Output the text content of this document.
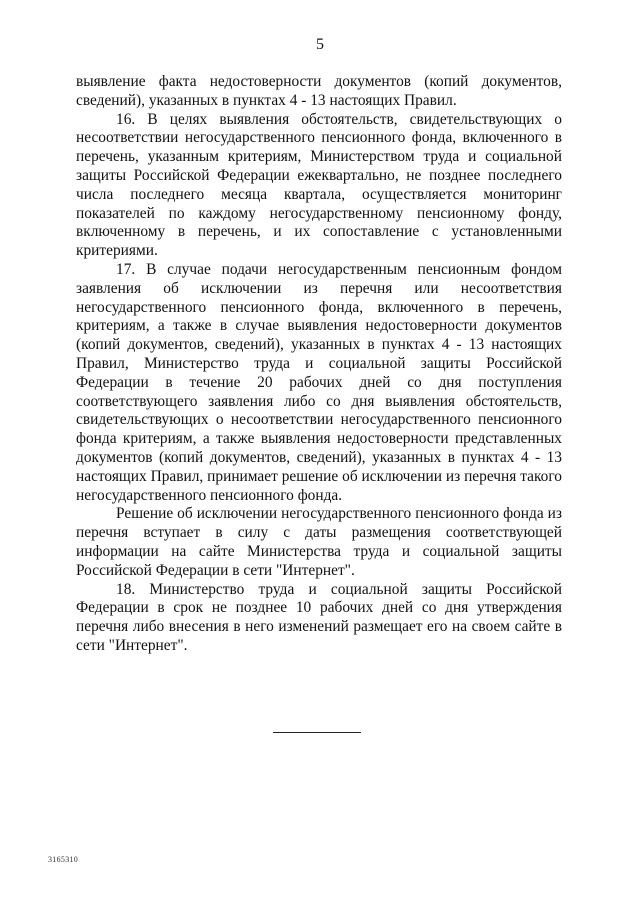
5

выявление факта недостоверности документов (копий документов, сведений), указанных в пунктах 4 - 13 настоящих Правил.

16. В целях выявления обстоятельств, свидетельствующих о несоответствии негосударственного пенсионного фонда, включенного в перечень, указанным критериям, Министерством труда и социальной защиты Российской Федерации ежеквартально, не позднее последнего числа последнего месяца квартала, осуществляется мониторинг показателей по каждому негосударственному пенсионному фонду, включенному в перечень, и их сопоставление с установленными критериями.

17. В случае подачи негосударственным пенсионным фондом заявления об исключении из перечня или несоответствия негосударственного пенсионного фонда, включенного в перечень, критериям, а также в случае выявления недостоверности документов (копий документов, сведений), указанных в пунктах 4 - 13 настоящих Правил, Министерство труда и социальной защиты Российской Федерации в течение 20 рабочих дней со дня поступления соответствующего заявления либо со дня выявления обстоятельств, свидетельствующих о несоответствии негосударственного пенсионного фонда критериям, а также выявления недостоверности представленных документов (копий документов, сведений), указанных в пунктах 4 - 13 настоящих Правил, принимает решение об исключении из перечня такого негосударственного пенсионного фонда.

Решение об исключении негосударственного пенсионного фонда из перечня вступает в силу с даты размещения соответствующей информации на сайте Министерства труда и социальной защиты Российской Федерации в сети "Интернет".

18. Министерство труда и социальной защиты Российской Федерации в срок не позднее 10 рабочих дней со дня утверждения перечня либо внесения в него изменений размещает его на своем сайте в сети "Интернет".

3165310
